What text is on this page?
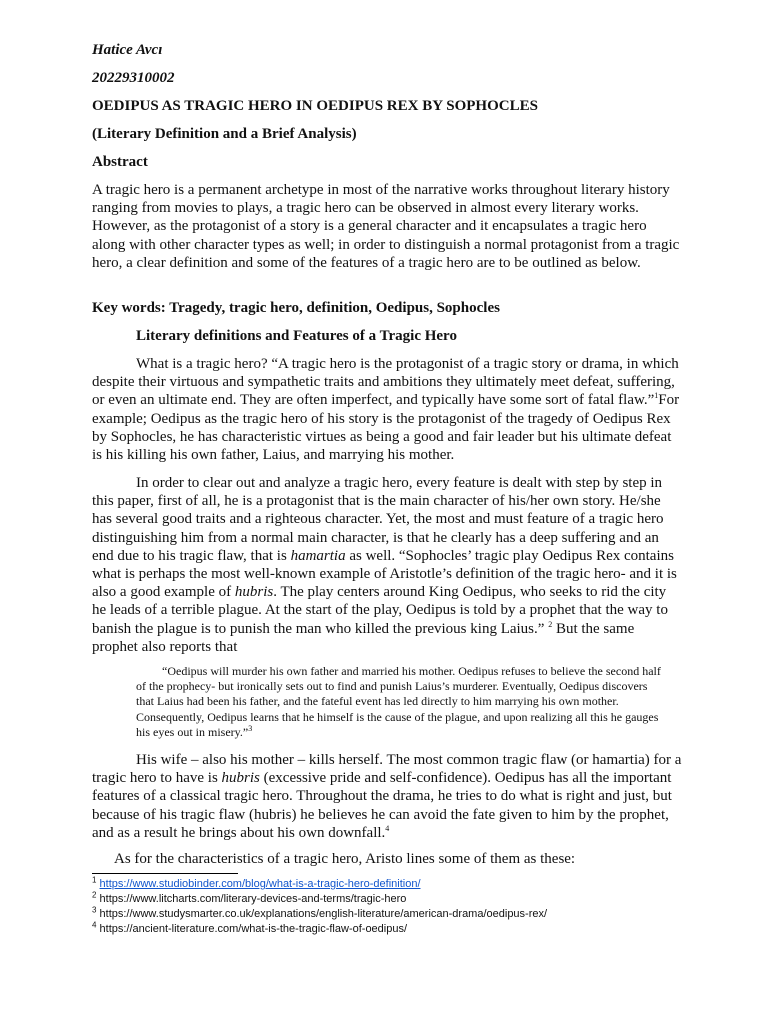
Hatice Avcı
20229310002
OEDIPUS AS TRAGIC HERO IN OEDIPUS REX BY SOPHOCLES
(Literary Definition and a Brief Analysis)
Abstract
A tragic hero is a permanent archetype in most of the narrative works throughout literary history ranging from movies to plays, a tragic hero can be observed in almost every literary works. However, as the protagonist of a story is a general character and it encapsulates a tragic hero along with other character types as well; in order to distinguish a normal protagonist from a tragic hero, a clear definition and some of the features of a tragic hero are to be outlined as below.
Key words: Tragedy, tragic hero, definition, Oedipus, Sophocles
Literary definitions and Features of a Tragic Hero
What is a tragic hero? “A tragic hero is the protagonist of a tragic story or drama, in which despite their virtuous and sympathetic traits and ambitions they ultimately meet defeat, suffering, or even an ultimate end. They are often imperfect, and typically have some sort of fatal flaw.”$^1$For example; Oedipus as the tragic hero of his story is the protagonist of the tragedy of Oedipus Rex by Sophocles, he has characteristic virtues as being a good and fair leader but his ultimate defeat is his killing his own father, Laius, and marrying his mother.
In order to clear out and analyze a tragic hero, every feature is dealt with step by step in this paper, first of all, he is a protagonist that is the main character of his/her own story. He/she has several good traits and a righteous character. Yet, the most and must feature of a tragic hero distinguishing him from a normal main character, is that he clearly has a deep suffering and an end due to his tragic flaw, that is hamartia as well. “Sophocles’ tragic play Oedipus Rex contains what is perhaps the most well-known example of Aristotle’s definition of the tragic hero- and it is also a good example of hubris. The play centers around King Oedipus, who seeks to rid the city he leads of a terrible plague. At the start of the play, Oedipus is told by a prophet that the way to banish the plague is to punish the man who killed the previous king Laius.” $^2$ But the same prophet also reports that
“Oedipus will murder his own father and married his mother. Oedipus refuses to believe the second half of the prophecy- but ironically sets out to find and punish Laius’s murderer. Eventually, Oedipus discovers that Laius had been his father, and the fateful event has led directly to him marrying his own mother. Consequently, Oedipus learns that he himself is the cause of the plague, and upon realizing all this he gauges his eyes out in misery.”$^3$
His wife – also his mother – kills herself. The most common tragic flaw (or hamartia) for a tragic hero to have is hubris (excessive pride and self-confidence). Oedipus has all the important features of a classical tragic hero. Throughout the drama, he tries to do what is right and just, but because of his tragic flaw (hubris) he believes he can avoid the fate given to him by the prophet, and as a result he brings about his own downfall.$^4$
As for the characteristics of a tragic hero, Aristo lines some of them as these:
$^1$ https://www.studiobinder.com/blog/what-is-a-tragic-hero-definition/
$^2$ https://www.litcharts.com/literary-devices-and-terms/tragic-hero
$^3$ https://www.studysmarter.co.uk/explanations/english-literature/american-drama/oedipus-rex/
$^4$ https://ancient-literature.com/what-is-the-tragic-flaw-of-oedipus/
